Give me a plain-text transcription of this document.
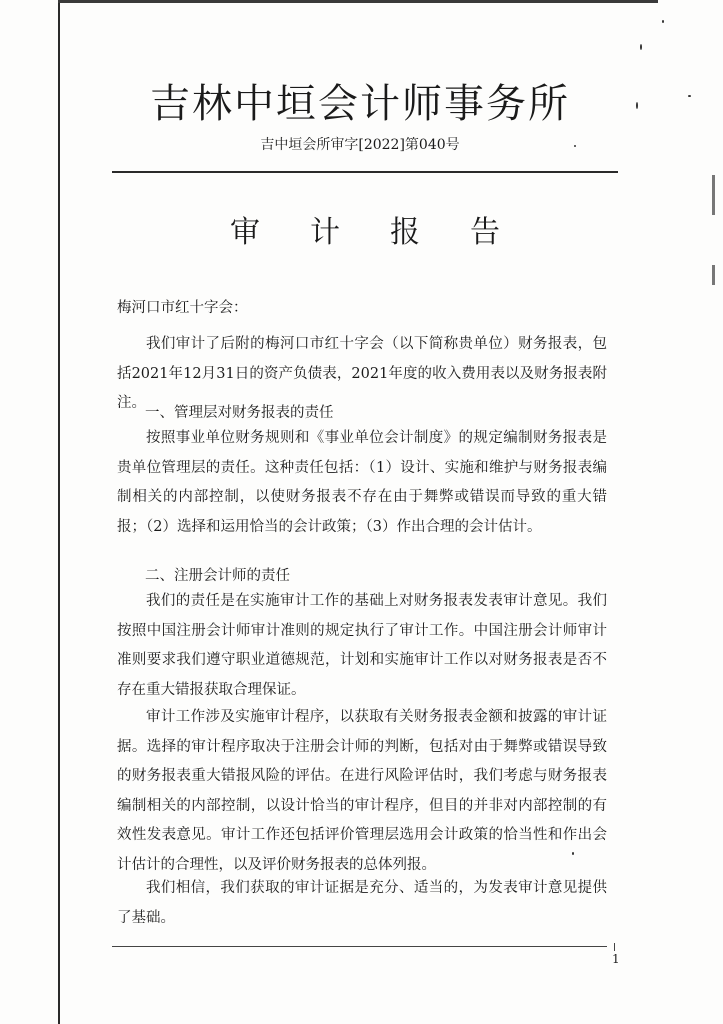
吉林中垣会计师事务所
吉中垣会所审字[2022]第040号
审	计	报	告
梅河口市红十字会：

我们审计了后附的梅河口市红十字会（以下简称贵单位）财务报表，包括2021年12月31日的资产负债表，2021年度的收入费用表以及财务报表附注。

一、管理层对财务报表的责任

按照事业单位财务规则和《事业单位会计制度》的规定编制财务报表是贵单位管理层的责任。这种责任包括：（1）设计、实施和维护与财务报表编制相关的内部控制，以使财务报表不存在由于舞弊或错误而导致的重大错报；（2）选择和运用恰当的会计政策；（3）作出合理的会计估计。

二、注册会计师的责任

我们的责任是在实施审计工作的基础上对财务报表发表审计意见。我们按照中国注册会计师审计准则的规定执行了审计工作。中国注册会计师审计准则要求我们遵守职业道德规范，计划和实施审计工作以对财务报表是否不存在重大错报获取合理保证。

审计工作涉及实施审计程序，以获取有关财务报表金额和披露的审计证据。选择的审计程序取决于注册会计师的判断，包括对由于舞弊或错误导致的财务报表重大错报风险的评估。在进行风险评估时，我们考虑与财务报表编制相关的内部控制，以设计恰当的审计程序，但目的并非对内部控制的有效性发表意见。审计工作还包括评价管理层选用会计政策的恰当性和作出会计估计的合理性，以及评价财务报表的总体列报。

我们相信，我们获取的审计证据是充分、适当的，为发表审计意见提供了基础。

1
